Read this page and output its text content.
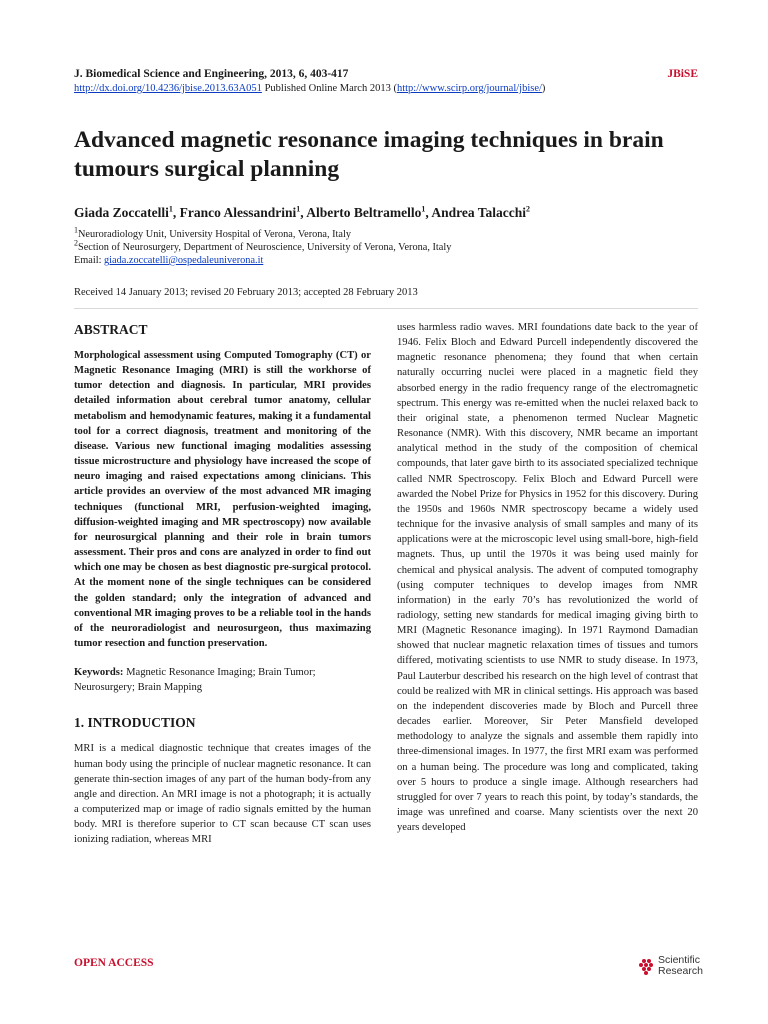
J. Biomedical Science and Engineering, 2013, 6, 403-417	JBiSE
http://dx.doi.org/10.4236/jbise.2013.63A051 Published Online March 2013 (http://www.scirp.org/journal/jbise/)
Advanced magnetic resonance imaging techniques in brain tumours surgical planning
Giada Zoccatelli$^1$, Franco Alessandrini$^1$, Alberto Beltramello$^1$, Andrea Talacchi$^2$
$^1$Neuroradiology Unit, University Hospital of Verona, Verona, Italy
$^2$Section of Neurosurgery, Department of Neuroscience, University of Verona, Verona, Italy
Email: giada.zoccatelli@ospedaleuniverona.it
Received 14 January 2013; revised 20 February 2013; accepted 28 February 2013
ABSTRACT

Morphological assessment using Computed Tomography (CT) or Magnetic Resonance Imaging (MRI) is still the workhorse of tumor detection and diagnosis. In particular, MRI provides detailed information about cerebral tumor anatomy, cellular metabolism and hemodynamic features, making it a fundamental tool for a correct diagnosis, treatment and monitoring of the disease. Various new functional imaging modalities assessing tissue microstructure and physiology have increased the scope of neuro imaging and raised expectations among clinicians. This article provides an overview of the most advanced MR imaging techniques (functional MRI, perfusion-weighted imaging, diffusion-weighted imaging and MR spectroscopy) now available for neurosurgical planning and their role in brain tumors assessment. Their pros and cons are analyzed in order to find out which one may be chosen as best diagnostic pre-surgical protocol. At the moment none of the single techniques can be considered the golden standard; only the integration of advanced and conventional MR imaging proves to be a reliable tool in the hands of the neuroradiologist and neurosurgeon, thus maximazing tumor resection and function preservation.

Keywords: Magnetic Resonance Imaging; Brain Tumor; Neurosurgery; Brain Mapping

1. INTRODUCTION

MRI is a medical diagnostic technique that creates images of the human body using the principle of nuclear magnetic resonance. It can generate thin-section images of any part of the human body-from any angle and direction. An MRI image is not a photograph; it is actually a computerized map or image of radio signals emitted by the human body. MRI is therefore superior to CT scan because CT scan uses ionizing radiation, whereas MRI

uses harmless radio waves. MRI foundations date back to the year of 1946. Felix Bloch and Edward Purcell independently discovered the magnetic resonance phenomena; they found that when certain naturally occurring nuclei were placed in a magnetic field they absorbed energy in the radio frequency range of the electromagnetic spectrum. This energy was re-emitted when the nuclei relaxed back to their original state, a phenomenon termed Nuclear Magnetic Resonance (NMR). With this discovery, NMR became an important analytical method in the study of the composition of chemical compounds, that later gave birth to its associated specialized technique called NMR Spectroscopy. Felix Bloch and Edward Purcell were awarded the Nobel Prize for Physics in 1952 for this discovery. During the 1950s and 1960s NMR spectroscopy became a widely used technique for the invasive analysis of small samples and many of its applications were at the microscopic level using small-bore, high-field magnets. Thus, up until the 1970s it was being used mainly for chemical and physical analysis. The advent of computed tomography (using computer techniques to develop images from NMR information) in the early 70’s has revolutionized the world of radiology, setting new standards for medical imaging giving birth to MRI (Magnetic Resonance imaging). In 1971 Raymond Damadian showed that nuclear magnetic relaxation times of tissues and tumors differed, motivating scientists to use NMR to study disease. In 1973, Paul Lauterbur described his research on the high level of contrast that could be realized with MR in clinical settings. His approach was based on the independent discoveries made by Bloch and Purcell three decades earlier. Moreover, Sir Peter Mansfield developed methodology to analyze the signals and assemble them rapidly into three-dimensional images. In 1977, the first MRI exam was performed on a human being. The procedure was long and complicated, taking over 5 hours to produce a single image. Although researchers had struggled for over 7 years to reach this point, by today’s standards, the image was unrefined and coarse. Many scientists over the next 20 years developed

OPEN ACCESS	Scientific
Research
